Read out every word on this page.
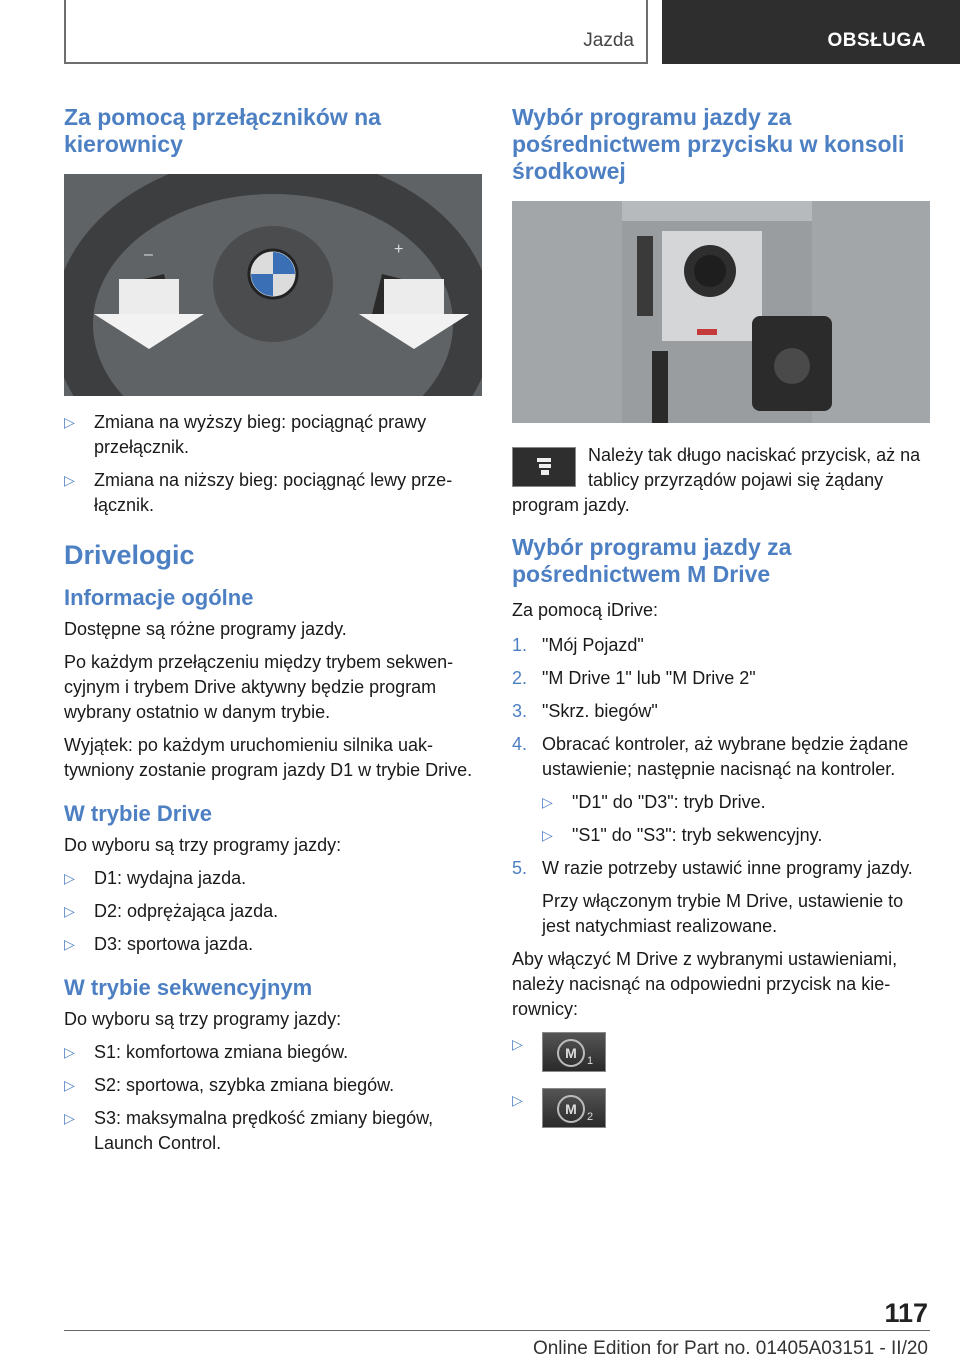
Jazda	OBSŁUGA
Za pomocą przełączników na kierownicy
–	+
▷ Zmiana na wyższy bieg: pociągnąć prawy przełącznik.
▷ Zmiana na niższy bieg: pociągnąć lewy przełącznik.
Drivelogic
Informacje ogólne

Dostępne są różne programy jazdy.

Po każdym przełączeniu między trybem sekwencyjnym i trybem Drive aktywny będzie program wybrany ostatnio w danym trybie.

Wyjątek: po każdym uruchomieniu silnika uaktywniony zostanie program jazdy D1 w trybie Drive.

W trybie Drive

Do wyboru są trzy programy jazdy:

▷ D1: wydajna jazda.
▷ D2: odprężająca jazda.
▷ D3: sportowa jazda.
W trybie sekwencyjnym

Do wyboru są trzy programy jazdy:

▷ S1: komfortowa zmiana biegów.
▷ S2: sportowa, szybka zmiana biegów.
▷ S3: maksymalna prędkość zmiany biegów, Launch Control.
Wybór programu jazdy za pośrednictwem przycisku w konsoli środkowej
Należy tak długo naciskać przycisk, aż na tablicy przyrządów pojawi się żądany program jazdy.
Wybór programu jazdy za pośrednictwem M Drive

Za pomocą iDrive:

1. "Mój Pojazd"
2. "M Drive 1" lub "M Drive 2"
3. "Skrz. biegów"
4. Obracać kontroler, aż wybrane będzie żądane ustawienie; następnie nacisnąć na kontroler.
▷ "D1" do "D3": tryb Drive.
▷ "S1" do "S3": tryb sekwencyjny.
5. W razie potrzeby ustawić inne programy jazdy.

Przy włączonym trybie M Drive, ustawienie to jest natychmiast realizowane.

Aby włączyć M Drive z wybranymi ustawieniami, należy nacisnąć na odpowiedni przycisk na kierownicy:

▷
M 1
▷
M 2
117
Online Edition for Part no. 01405A03151 - II/20
